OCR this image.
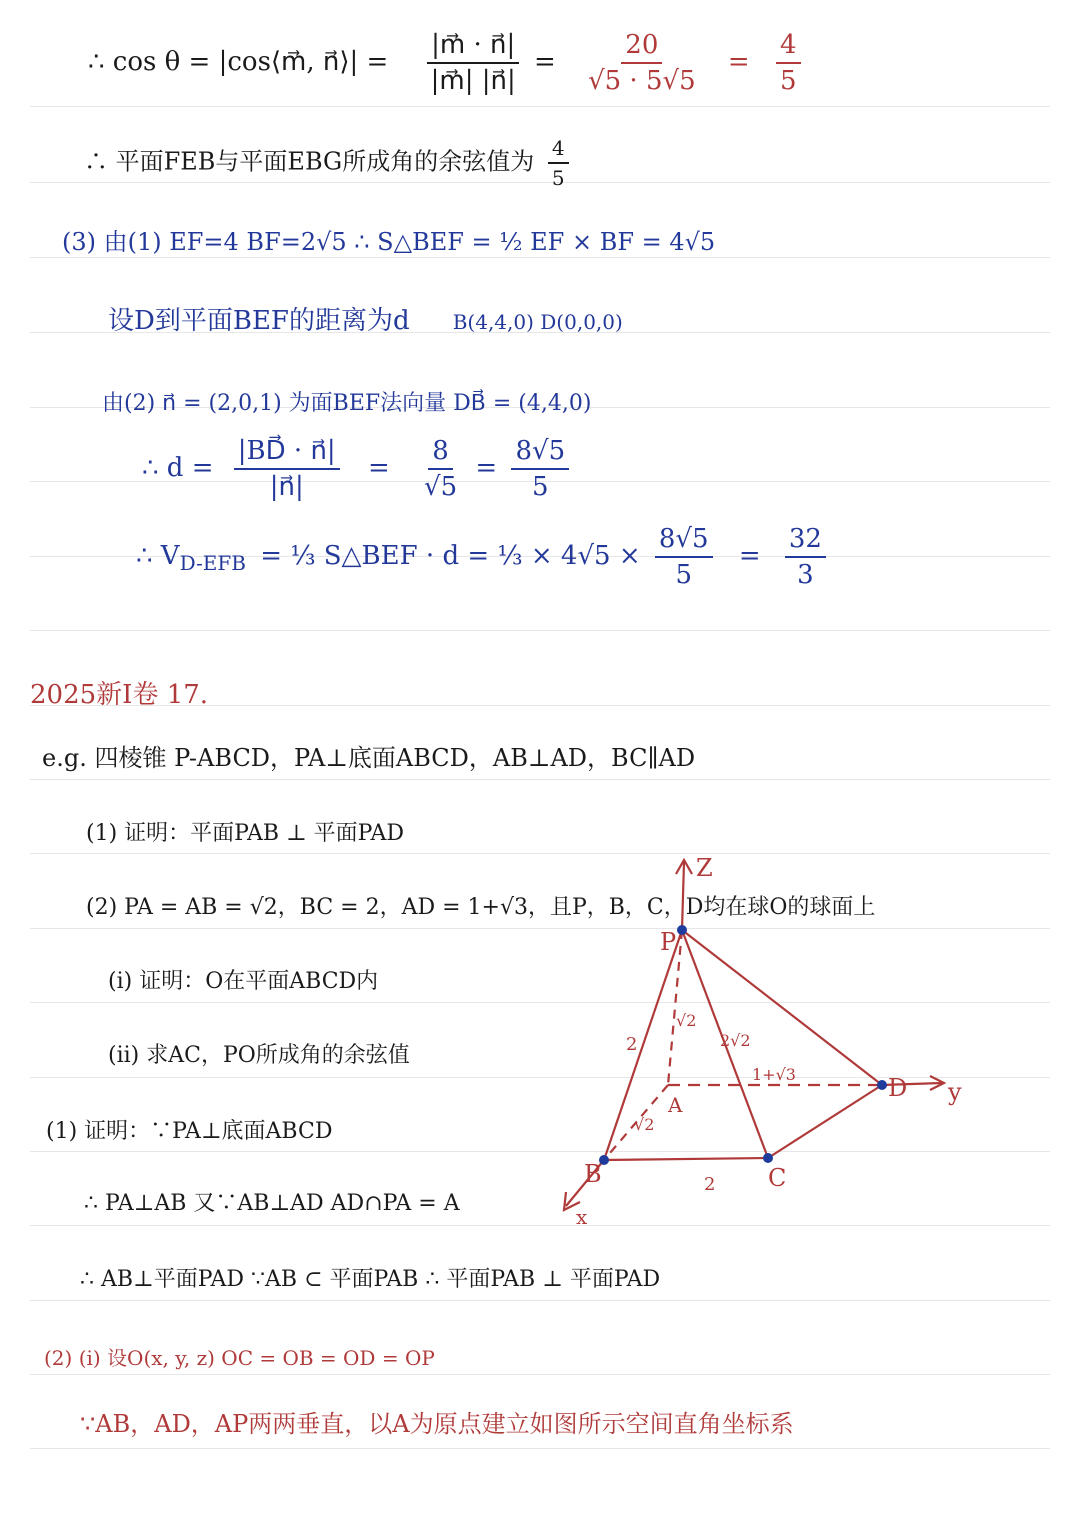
∴ cos θ = |cos⟨m⃗, n⃗⟩| = $\frac{|m⃗ \cdot n⃗|}{|m⃗| |n⃗|} = \frac{20}{√5 \cdot 5√5} = \frac{4}{5}$
∴ 平面FEB与平面EBG所成角的余弦值为 $\frac{4}{5}$
(3) 由(1) EF=4 BF=2√5 ∴ S△BEF = ½ EF × BF = 4√5
设D到平面BEF的距离为d B(4,4,0) D(0,0,0)
由(2) n⃗ = (2,0,1) 为面BEF法向量 DB⃗ = (4,4,0)
∴ $d = \frac{|BD⃗ \cdot n⃗|}{|n⃗|} = \frac{8}{√5} = \frac{8√5}{5}$
∴ $V_{D-EFB}$ = ⅓ S△BEF · d = ⅓ × $4√5 \times \frac{8√5}{5} = \frac{32}{3}$
2025新Ⅰ卷 17.
e.g. 四棱锥 P-ABCD，PA⊥底面ABCD，AB⊥AD，BC∥AD
(1) 证明：平面PAB ⊥ 平面PAD
(2) PA = AB = √2，BC = 2，AD = 1+√3，且P，B，C，D均在球O的球面上
(i) 证明：O在平面ABCD内
(ii) 求AC，PO所成角的余弦值
(1) 证明：∵PA⊥底面ABCD
∴ PA⊥AB 又∵AB⊥AD AD∩PA = A
∴ AB⊥平面PAD ∵AB ⊂ 平面PAB ∴ 平面PAB ⊥ 平面PAD
(2) (i) 设O(x, y, z) OC = OB = OD = OP
∵AB，AD，AP两两垂直，以A为原点建立如图所示空间直角坐标系
Z
y
x
P
A
B	C
D
2
√2
2√2
1+√3
√2
2
